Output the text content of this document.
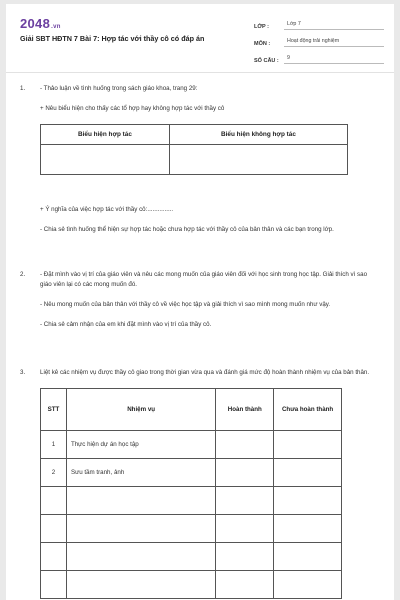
2048.vn
Giải SBT HĐTN 7 Bài 7: Hợp tác với thầy cô có đáp án
LỚP :	Lớp 7
MÔN :	Hoạt động trải nghiệm
SỐ CÂU :	9
1.	- Thảo luận về tình huống trong sách giáo khoa, trang 29:
+ Nêu biểu hiện cho thấy các tổ hợp hay không hợp tác với thầy cô
Biểu hiện hợp tác	Biểu hiện không hợp tác

+ Ý nghĩa của việc hợp tác với thầy cô:...............
- Chia sẻ tình huống thể hiện sự hợp tác hoặc chưa hợp tác với thầy cô của bản thân và các bạn trong lớp.
2.	- Đặt mình vào vị trí của giáo viên và nêu các mong muốn của giáo viên đối với học sinh trong học tập. Giải thích vì sao giáo viên lại có các mong muốn đó.
- Nêu mong muốn của bản thân với thầy cô về việc học tập và giải thích vì sao mình mong muốn như vậy.
- Chia sẻ cảm nhận của em khi đặt mình vào vị trí của thầy cô.
3.	Liệt kê các nhiệm vụ được thầy cô giao trong thời gian vừa qua và đánh giá mức độ hoàn thành nhiệm vụ của bản thân.
STT	Nhiệm vụ	Hoàn thành	Chưa hoàn thành
1	Thực hiện dự án học tập		
2	Sưu tầm tranh, ảnh		
